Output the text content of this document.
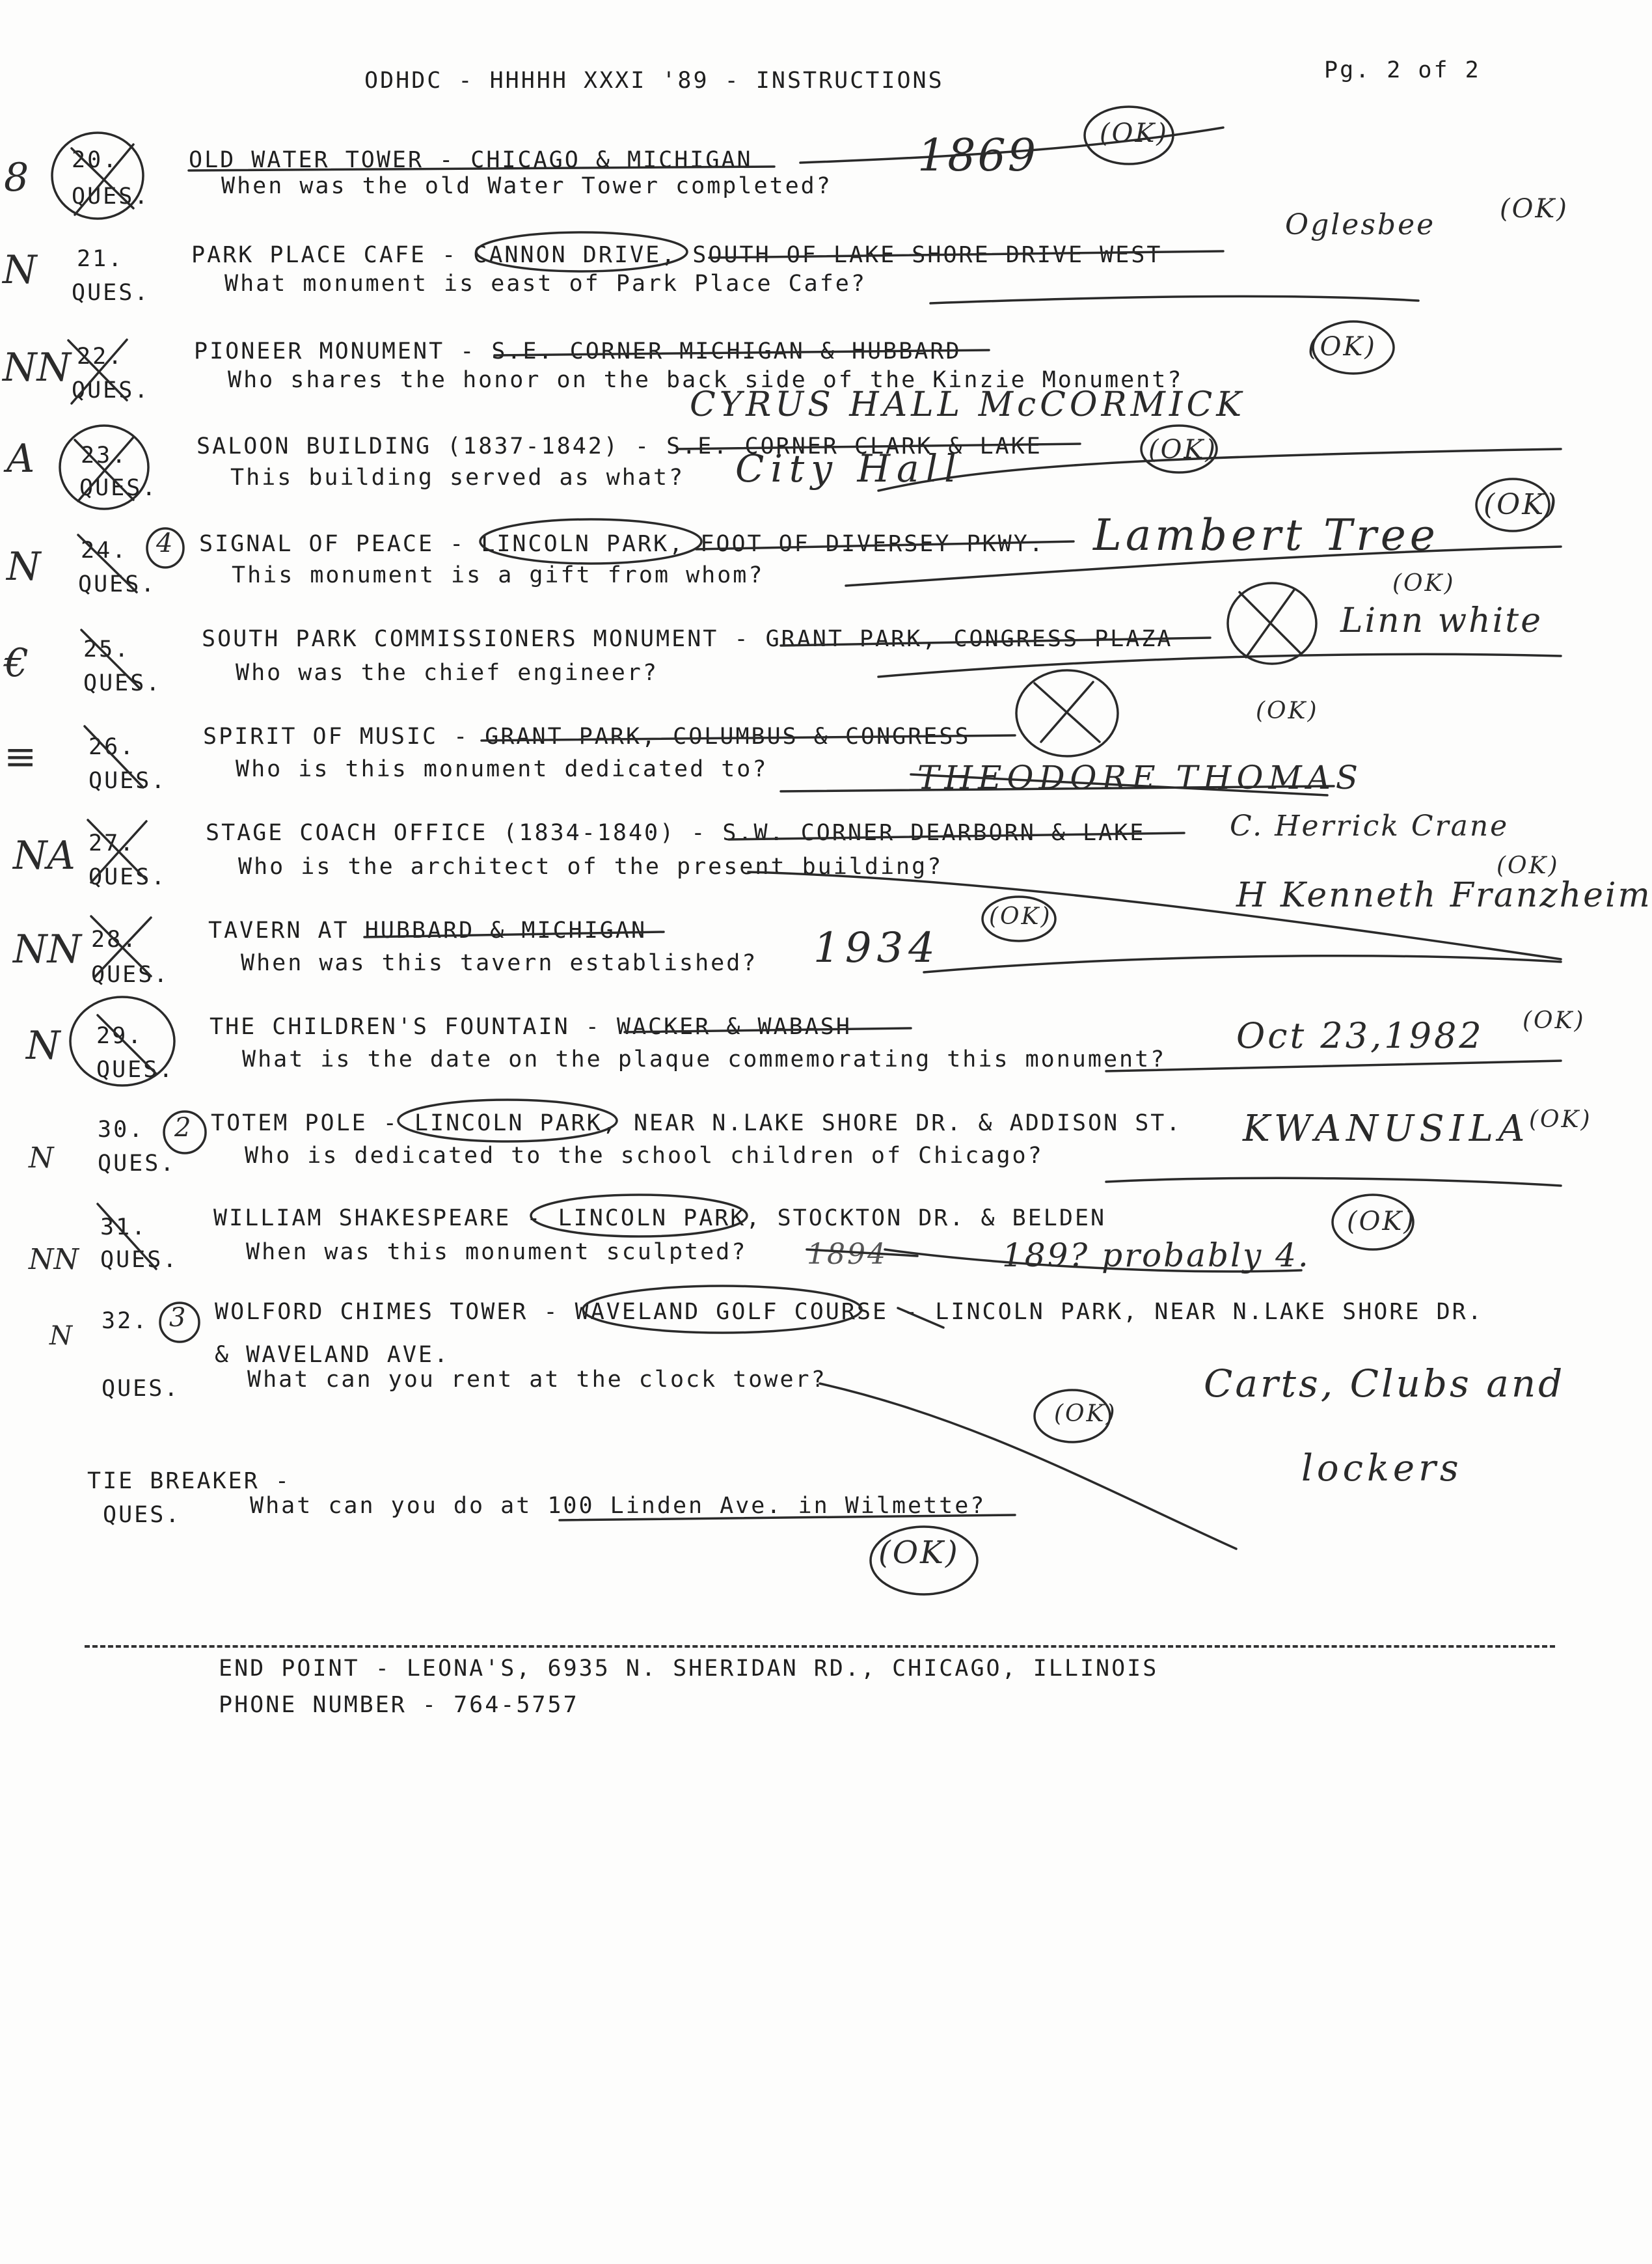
ODHDC - HHHHH XXXI '89 - INSTRUCTIONS	Pg. 2 of 2
8 20.	OLD WATER TOWER - CHICAGO & MICHIGAN
QUES.	When was the old Water Tower completed?
1869 (OK)
N 21.	PARK PLACE CAFE - CANNON DRIVE, SOUTH OF LAKE SHORE DRIVE WEST
QUES.	What monument is east of Park Place Cafe?
Oglesbee (OK)
NN 22.	PIONEER MONUMENT - S.E. CORNER MICHIGAN & HUBBARD
QUES.	Who shares the honor on the back side of the Kinzie Monument?
CYRUS HALL McCORMICK
(OK)
A 23.	SALOON BUILDING (1837-1842) - S.E. CORNER CLARK & LAKE
QUES.	This building served as what? City Hall	(OK)
N 24. 4 SIGNAL OF PEACE - LINCOLN PARK, FOOT OF DIVERSEY PKWY.
QUES.	This monument is a gift from whom?
Lambert Tree
(OK)
€ 25.	SOUTH PARK COMMISSIONERS MONUMENT - GRANT PARK, CONGRESS PLAZA
QUES.	Who was the chief engineer?
Linn white
(OK)
≡ 26.	SPIRIT OF MUSIC - GRANT PARK, COLUMBUS & CONGRESS
QUES.	Who is this monument dedicated to?	THEODORE THOMAS
(OK)
NA 27.	STAGE COACH OFFICE (1834-1840) - S.W. CORNER DEARBORN & LAKE
QUES.	Who is the architect of the present building?
C. Herrick Crane
H Kenneth Franzheim
(OK)
NN 28.	TAVERN AT HUBBARD & MICHIGAN
QUES.	When was this tavern established? 1934
(OK)
N 29.	THE CHILDREN'S FOUNTAIN - WACKER & WABASH
QUES.	What is the date on the plaque commemorating this monument?
Oct 23,1982 (OK)
N
30. 2 TOTEM POLE - LINCOLN PARK, NEAR N.LAKE SHORE DR. & ADDISON ST.
QUES.	Who is dedicated to the school children of Chicago?
KWANUSILA
(OK)
NN
31.	WILLIAM SHAKESPEARE - LINCOLN PARK, STOCKTON DR. & BELDEN
QUES.	When was this monument sculpted? 1894	189? probably 4.
(OK)
N 32. 3 WOLFORD CHIMES TOWER - WAVELAND GOLF COURSE - LINCOLN PARK, NEAR N.LAKE SHORE DR.
& WAVELAND AVE.
QUES.	What can you rent at the clock tower?	Carts, Clubs and
lockers
(OK)
TIE BREAKER -
QUES.	What can you do at 100 Linden Ave. in Wilmette?
(OK)
END POINT - LEONA'S, 6935 N. SHERIDAN RD., CHICAGO, ILLINOIS
PHONE NUMBER - 764-5757
